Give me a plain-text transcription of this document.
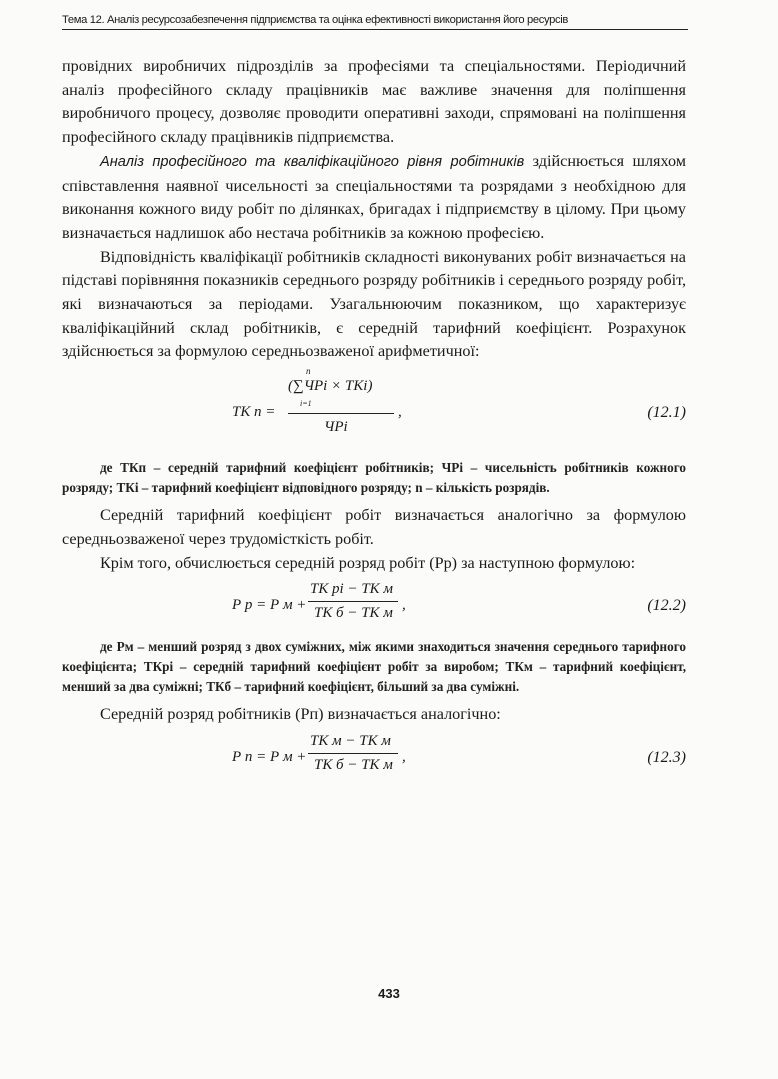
Тема 12. Аналіз ресурсозабезпечення підприємства та оцінка ефективності використання його ресурсів

провідних виробничих підрозділів за професіями та спеціальностями. Періодичний аналіз професійного складу працівників має важливе значення для поліпшення виробничого процесу, дозволяє проводити оперативні заходи, спрямовані на поліпшення професійного складу працівників підприємства.

Аналіз професійного та кваліфікаційного рівня робітників здійснюється шляхом співставлення наявної чисельності за спеціальностями та розрядами з необхідною для виконання кожного виду робіт по ділянках, бригадах і підприємству в цілому. При цьому визначається надлишок або нестача робітників за кожною професією.

Відповідність кваліфікації робітників складності виконуваних робіт визначається на підставі порівняння показників середнього розряду робітників і середнього розряду робіт, які визначаються за періодами. Узагальнюючим показником, що характеризує кваліфікаційний склад робітників, є середній тарифний коефіцієнт. Розрахунок здійснюється за формулою середньозваженої арифметичної:

ТК п =
n
(∑ЧРі × ТКі)
і=1
ЧРі
,	(12.1)

де ТКп – середній тарифний коефіцієнт робітників; ЧРі – чисельність робітників кожного розряду; ТКі – тарифний коефіцієнт відповідного розряду; n – кількість розрядів.

Середній тарифний коефіцієнт робіт визначається аналогічно за формулою середньозваженої через трудомісткість робіт.

Крім того, обчислюється середній розряд робіт (Рр) за наступною формулою:

Р р = Р м +
ТК рі − ТК м
ТК б − ТК м ,	(12.2)

де Рм – менший розряд з двох суміжних, між якими знаходиться значення середнього тарифного коефіцієнта; ТКрі – середній тарифний коефіцієнт робіт за виробом; ТКм – тарифний коефіцієнт, менший за два суміжні; ТКб – тарифний коефіцієнт, більший за два суміжні.

Середній розряд робітників (Рп) визначається аналогічно:

Р п = Р м +
ТК м − ТК м
ТК б − ТК м ,	(12.3)
433
